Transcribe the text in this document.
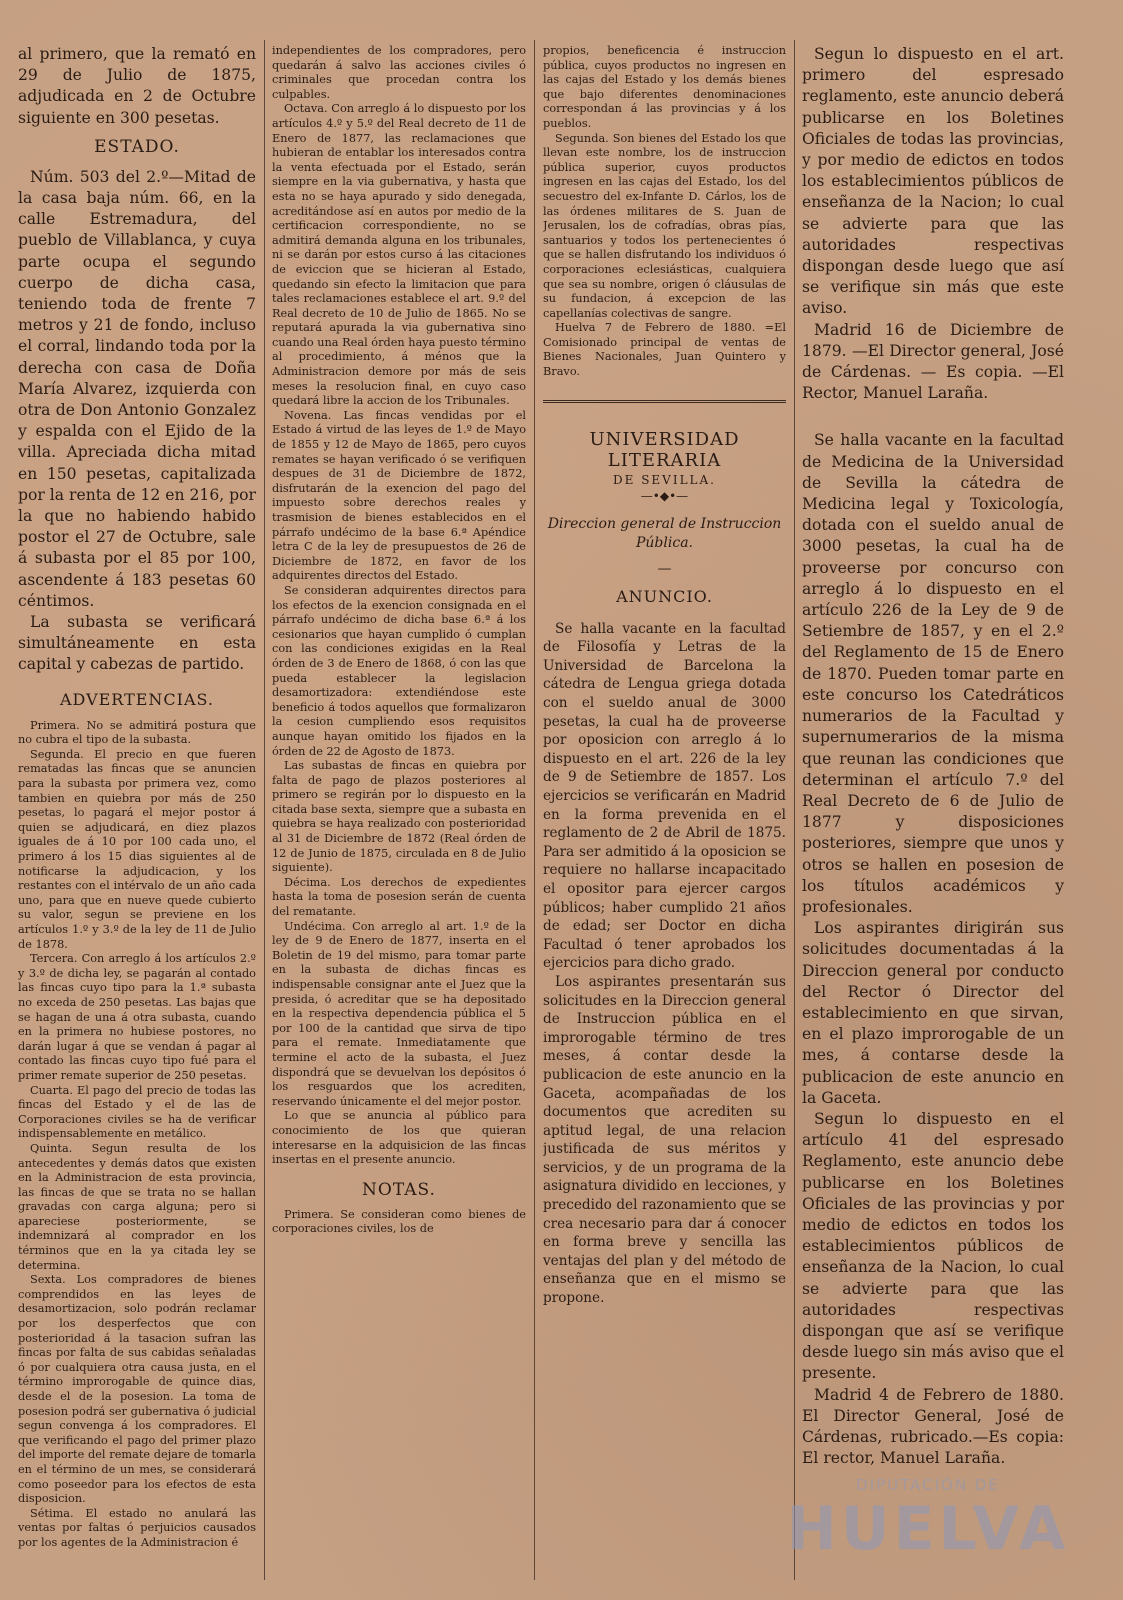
al primero, que la remató en 29 de Julio de 1875, adjudicada en 2 de Octubre siguiente en 300 pesetas.

ESTADO.

Núm. 503 del 2.º—Mitad de la casa baja núm. 66, en la calle Estremadura, del pueblo de Villablanca, y cuya parte ocupa el segundo cuerpo de dicha casa, teniendo toda de frente 7 metros y 21 de fondo, incluso el corral, lindando toda por la derecha con casa de Doña María Alvarez, izquierda con otra de Don Antonio Gonzalez y espalda con el Ejido de la villa. Apreciada dicha mitad en 150 pesetas, capitalizada por la renta de 12 en 216, por la que no habiendo habido postor el 27 de Octubre, sale á subasta por el 85 por 100, ascendente á 183 pesetas 60 céntimos.

La subasta se verificará simultáneamente en esta capital y cabezas de partido.

ADVERTENCIAS.

Primera. No se admitirá postura que no cubra el tipo de la subasta.

Segunda. El precio en que fueren rematadas las fincas que se anuncien para la subasta por primera vez, como tambien en quiebra por más de 250 pesetas, lo pagará el mejor postor á quien se adjudicará, en diez plazos iguales de á 10 por 100 cada uno, el primero á los 15 dias siguientes al de notificarse la adjudicacion, y los restantes con el intérvalo de un año cada uno, para que en nueve quede cubierto su valor, segun se previene en los artículos 1.º y 3.º de la ley de 11 de Julio de 1878.

Tercera. Con arreglo á los artículos 2.º y 3.º de dicha ley, se pagarán al contado las fincas cuyo tipo para la 1.ª subasta no exceda de 250 pesetas. Las bajas que se hagan de una á otra subasta, cuando en la primera no hubiese postores, no darán lugar á que se vendan á pagar al contado las fincas cuyo tipo fué para el primer remate superior de 250 pesetas.

Cuarta. El pago del precio de todas las fincas del Estado y el de las de Corporaciones civiles se ha de verificar indispensablemente en metálico.

Quinta. Segun resulta de los antecedentes y demás datos que existen en la Administracion de esta provincia, las fincas de que se trata no se hallan gravadas con carga alguna; pero si apareciese posteriormente, se indemnizará al comprador en los términos que en la ya citada ley se determina.

Sexta. Los compradores de bienes comprendidos en las leyes de desamortizacion, solo podrán reclamar por los desperfectos que con posterioridad á la tasacion sufran las fincas por falta de sus cabidas señaladas ó por cualquiera otra causa justa, en el término improrogable de quince dias, desde el de la posesion. La toma de posesion podrá ser gubernativa ó judicial segun convenga á los compradores. El que verificando el pago del primer plazo del importe del remate dejare de tomarla en el término de un mes, se considerará como poseedor para los efectos de esta disposicion.

Sétima. El estado no anulará las ventas por faltas ó perjuicios causados por los agentes de la Administracion é

independientes de los compradores, pero quedarán á salvo las acciones civiles ó criminales que procedan contra los culpables.

Octava. Con arreglo á lo dispuesto por los artículos 4.º y 5.º del Real decreto de 11 de Enero de 1877, las reclamaciones que hubieran de entablar los interesados contra la venta efectuada por el Estado, serán siempre en la via gubernativa, y hasta que esta no se haya apurado y sido denegada, acreditándose así en autos por medio de la certificacion correspondiente, no se admitirá demanda alguna en los tribunales, ni se darán por estos curso á las citaciones de eviccion que se hicieran al Estado, quedando sin efecto la limitacion que para tales reclamaciones establece el art. 9.º del Real decreto de 10 de Julio de 1865. No se reputará apurada la via gubernativa sino cuando una Real órden haya puesto término al procedimiento, á ménos que la Administracion demore por más de seis meses la resolucion final, en cuyo caso quedará libre la accion de los Tribunales.

Novena. Las fincas vendidas por el Estado á virtud de las leyes de 1.º de Mayo de 1855 y 12 de Mayo de 1865, pero cuyos remates se hayan verificado ó se verifiquen despues de 31 de Diciembre de 1872, disfrutarán de la exencion del pago del impuesto sobre derechos reales y trasmision de bienes establecidos en el párrafo undécimo de la base 6.ª Apéndice letra C de la ley de presupuestos de 26 de Diciembre de 1872, en favor de los adquirentes directos del Estado.

Se consideran adquirentes directos para los efectos de la exencion consignada en el párrafo undécimo de dicha base 6.ª á los cesionarios que hayan cumplido ó cumplan con las condiciones exigidas en la Real órden de 3 de Enero de 1868, ó con las que pueda establecer la legislacion desamortizadora: extendiéndose este beneficio á todos aquellos que formalizaron la cesion cumpliendo esos requisitos aunque hayan omitido los fijados en la órden de 22 de Agosto de 1873.

Las subastas de fincas en quiebra por falta de pago de plazos posteriores al primero se regirán por lo dispuesto en la citada base sexta, siempre que a subasta en quiebra se haya realizado con posterioridad al 31 de Diciembre de 1872 (Real órden de 12 de Junio de 1875, circulada en 8 de Julio siguiente).

Décima. Los derechos de expedientes hasta la toma de posesion serán de cuenta del rematante.

Undécima. Con arreglo al art. 1.º de la ley de 9 de Enero de 1877, inserta en el Boletin de 19 del mismo, para tomar parte en la subasta de dichas fincas es indispensable consignar ante el Juez que la presida, ó acreditar que se ha depositado en la respectiva dependencia pública el 5 por 100 de la cantidad que sirva de tipo para el remate. Inmediatamente que termine el acto de la subasta, el Juez dispondrá que se devuelvan los depósitos ó los resguardos que los acrediten, reservando únicamente el del mejor postor.

Lo que se anuncia al público para conocimiento de los que quieran interesarse en la adquisicion de las fincas insertas en el presente anuncio.

NOTAS.

Primera. Se consideran como bienes de corporaciones civiles, los de

propios, beneficencia é instruccion pública, cuyos productos no ingresen en las cajas del Estado y los demás bienes que bajo diferentes denominaciones correspondan á las provincias y á los pueblos.

Segunda. Son bienes del Estado los que llevan este nombre, los de instruccion pública superior, cuyos productos ingresen en las cajas del Estado, los del secuestro del ex-Infante D. Cárlos, los de las órdenes militares de S. Juan de Jerusalen, los de cofradías, obras pías, santuarios y todos los pertenecientes ó que se hallen disfrutando los individuos ó corporaciones eclesiásticas, cualquiera que sea su nombre, origen ó cláusulas de su fundacion, á excepcion de las capellanías colectivas de sangre.

Huelva 7 de Febrero de 1880. =El Comisionado principal de ventas de Bienes Nacionales, Juan Quintero y Bravo.

UNIVERSIDAD LITERARIA
DE SEVILLA.
—•◆•—
Direccion general de Instruccion Pública.
—
ANUNCIO.

Se halla vacante en la facultad de Filosofía y Letras de la Universidad de Barcelona la cátedra de Lengua griega dotada con el sueldo anual de 3000 pesetas, la cual ha de proveerse por oposicion con arreglo á lo dispuesto en el art. 226 de la ley de 9 de Setiembre de 1857. Los ejercicios se verificarán en Madrid en la forma prevenida en el reglamento de 2 de Abril de 1875. Para ser admitido á la oposicion se requiere no hallarse incapacitado el opositor para ejercer cargos públicos; haber cumplido 21 años de edad; ser Doctor en dicha Facultad ó tener aprobados los ejercicios para dicho grado.

Los aspirantes presentarán sus solicitudes en la Direccion general de Instruccion pública en el improrogable término de tres meses, á contar desde la publicacion de este anuncio en la Gaceta, acompañadas de los documentos que acrediten su aptitud legal, de una relacion justificada de sus méritos y servicios, y de un programa de la asignatura dividido en lecciones, y precedido del razonamiento que se crea necesario para dar á conocer en forma breve y sencilla las ventajas del plan y del método de enseñanza que en el mismo se propone.

Segun lo dispuesto en el art. primero del espresado reglamento, este anuncio deberá publicarse en los Boletines Oficiales de todas las provincias, y por medio de edictos en todos los establecimientos públicos de enseñanza de la Nacion; lo cual se advierte para que las autoridades respectivas dispongan desde luego que así se verifique sin más que este aviso.

Madrid 16 de Diciembre de 1879. —El Director general, José de Cárdenas. — Es copia. —El Rector, Manuel Laraña.

Se halla vacante en la facultad de Medicina de la Universidad de Sevilla la cátedra de Medicina legal y Toxicología, dotada con el sueldo anual de 3000 pesetas, la cual ha de proveerse por concurso con arreglo á lo dispuesto en el artículo 226 de la Ley de 9 de Setiembre de 1857, y en el 2.º del Reglamento de 15 de Enero de 1870. Pueden tomar parte en este concurso los Catedráticos numerarios de la Facultad y supernumerarios de la misma que reunan las condiciones que determinan el artículo 7.º del Real Decreto de 6 de Julio de 1877 y disposiciones posteriores, siempre que unos y otros se hallen en posesion de los títulos académicos y profesionales.

Los aspirantes dirigirán sus solicitudes documentadas á la Direccion general por conducto del Rector ó Director del establecimiento en que sirvan, en el plazo improrogable de un mes, á contarse desde la publicacion de este anuncio en la Gaceta.

Segun lo dispuesto en el artículo 41 del espresado Reglamento, este anuncio debe publicarse en los Boletines Oficiales de las provincias y por medio de edictos en todos los establecimientos públicos de enseñanza de la Nacion, lo cual se advierte para que las autoridades respectivas dispongan que así se verifique desde luego sin más aviso que el presente.

Madrid 4 de Febrero de 1880. El Director General, José de Cárdenas, rubricado.—Es copia: El rector, Manuel Laraña.

DIPUTACIÓN DE
HUELVA
